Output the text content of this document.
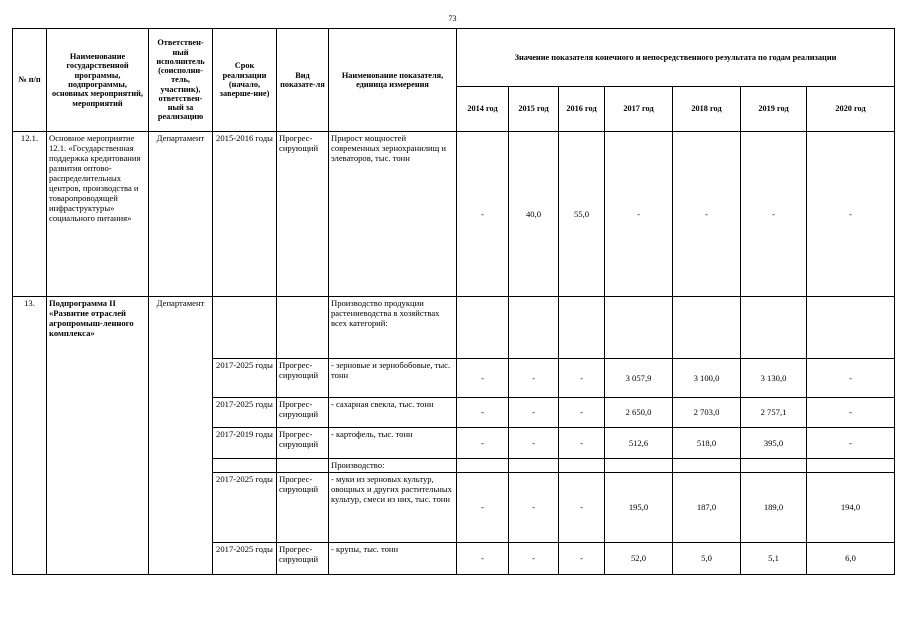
73
№ п/п	Наименование государственной программы, подпрограммы, основных мероприятий, мероприятий	Ответствен-ный исполнитель (соисполни-тель, участник), ответствен-ный за реализацию	Срок реализации (начало, заверше-ние)	Вид показате-ля	Наименование показателя, единица измерения	Значение показателя конечного и непосредственного результата по годам реализации						
						2014 год	2015 год	2016 год	2017 год	2018 год	2019 год	2020 год
12.1.	Основное мероприятие 12.1. «Государственная поддержка кредитования развития оптово-распределительных центров, производства и товаропроводящей инфраструктуры» социального питания»	Департамент	2015-2016 годы	Прогрес-сирующий	Прирост мощностей современных зернохранилищ и элеваторов, тыс. тонн	-	40,0	55,0	-	-	-	-
13.	Подпрограмма II «Развитие отраслей агропромыш-ленного комплекса»	Департамент			Производство продукции растениеводства в хозяйствах всех категорий:							
			2017-2025 годы	Прогрес-сирующий	- зерновые и зернобобовые, тыс. тонн	-	-	-	3 057,9	3 100,0	3 130,0	-
			2017-2025 годы	Прогрес-сирующий	- сахарная свекла, тыс. тонн	-	-	-	2 650,0	2 703,0	2 757,1	-
			2017-2019 годы	Прогрес-сирующий	- картофель, тыс. тонн	-	-	-	512,6	518,0	395,0	-
					Производство:							
			2017-2025 годы	Прогрес-сирующий	- муки из зерновых культур, овощных и других растительных культур, смеси из них, тыс. тонн	-	-	-	195,0	187,0	189,0	194,0
			2017-2025 годы	Прогрес-сирующий	- крупы, тыс. тонн	-	-	-	52,0	5,0	5,1	6,0
